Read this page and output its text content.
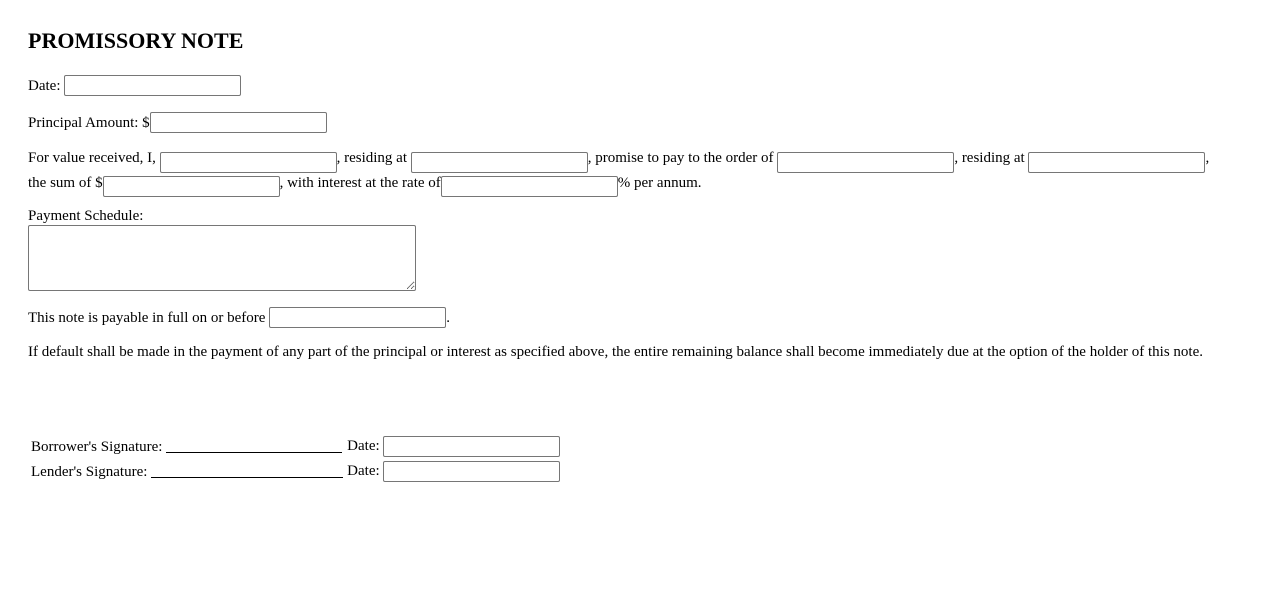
PROMISSORY NOTE
Date:
Principal Amount: $
For value received, I,	, residing at	, promise to pay to the order of	, residing at	,
the sum of $	, with interest at the rate of	% per annum.
Payment Schedule:
This note is payable in full on or before	.
If default shall be made in the payment of any part of the principal or interest as specified above, the entire remaining balance shall become immediately due at the option of the holder of this note.
Borrower's Signature:	Date:
Lender's Signature:	Date:
